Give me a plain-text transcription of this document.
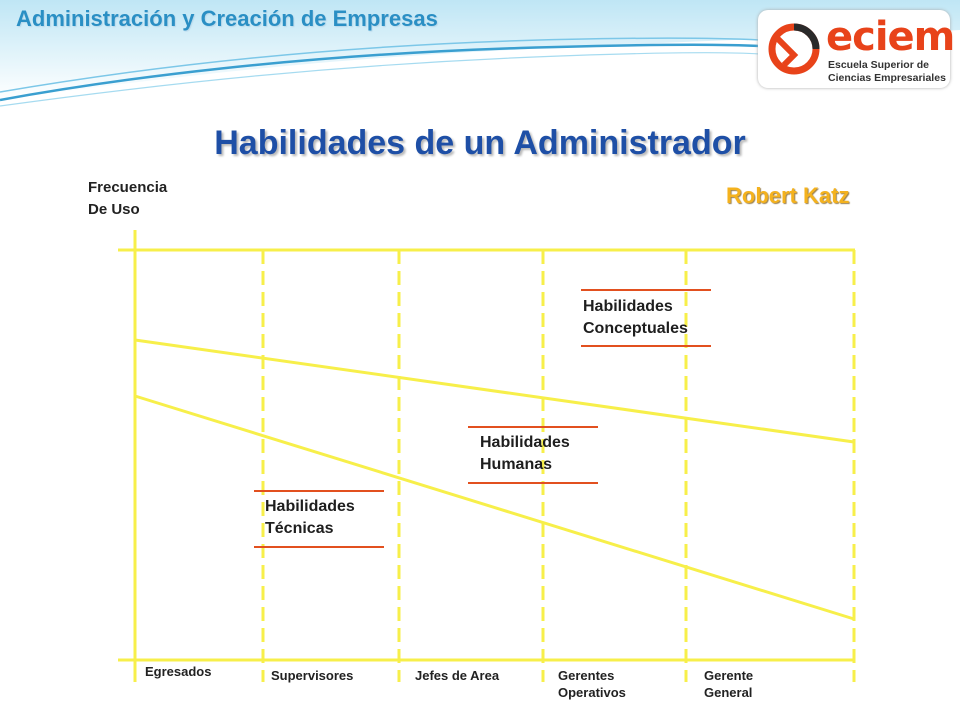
Administración y Creación de Empresas	eciem
Escuela Superior de
Ciencias Empresariales
Habilidades de un Administrador
Robert Katz
Frecuencia
De Uso
Habilidades
Técnicas
Habilidades
Humanas
Habilidades
Conceptuales
Egresados	Supervisores	Jefes de Area	Gerentes
Operativos
Gerente
General
